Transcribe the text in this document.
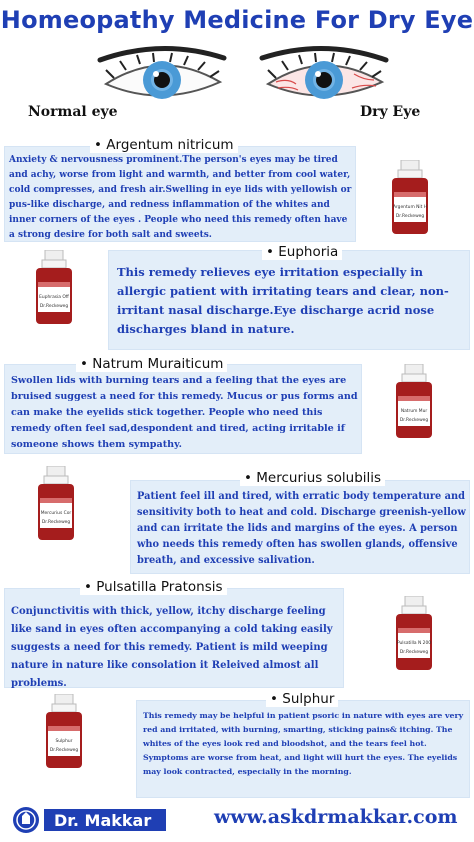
Homeopathy Medicine For Dry Eye
Normal eye	Dry Eye
Anxiety & nervousness prominent.The person's eyes may be tired and achy, worse from light and warmth, and better from cool water, cold compresses, and fresh air.Swelling in eye lids with yellowish or pus-like discharge, and redness inflammation of the whites and inner corners of the eyes . People who need this remedy often have a strong desire for both salt and sweets.
• Argentum nitricum
This remedy relieves eye irritation especially in allergic patient with irritating tears and clear, non-irritant nasal discharge.Eye discharge acrid nose discharges bland in nature.
• Euphoria
Swollen lids with burning tears and a feeling that the eyes are bruised suggest a need for this remedy. Mucus or pus forms and can make the eyelids stick together. People who need this remedy often feel sad,despondent and tired, acting irritable if someone shows them sympathy.
• Natrum Muraiticum
Patient feel ill and tired, with erratic body temperature and sensitivity both to heat and cold. Discharge greenish-yellow and can irritate the lids and margins of the eyes. A person who needs this remedy often has swollen glands, offensive breath, and excessive salivation.
• Mercurius solubilis
Conjunctivitis with thick, yellow, itchy discharge feeling like sand in eyes often accompanying a cold taking easily suggests a need for this remedy. Patient is mild weeping nature in nature like consolation it Releived almost all problems.
• Pulsatilla Pratonsis
This remedy may be helpful in patient psoric in nature with eyes are very red and irritated, with burning, smarting, sticking pains& itching. The whites of the eyes look red and bloodshot, and the tears feel hot. Symptoms are worse from heat, and light will hurt the eyes. The eyelids may look contracted, especially in the morning.
• Sulphur
Argentum Nit H
Dr.Reckeweg
Euphrasia Off
Dr.Reckeweg
Natrum Mur
Dr.Reckeweg
Mercurius Cor
Dr.Reckeweg
Pulsatilla N 200
Dr.Reckeweg
Sulphur
Dr.Reckeweg
Dr. Makkar	www.askdrmakkar.com
